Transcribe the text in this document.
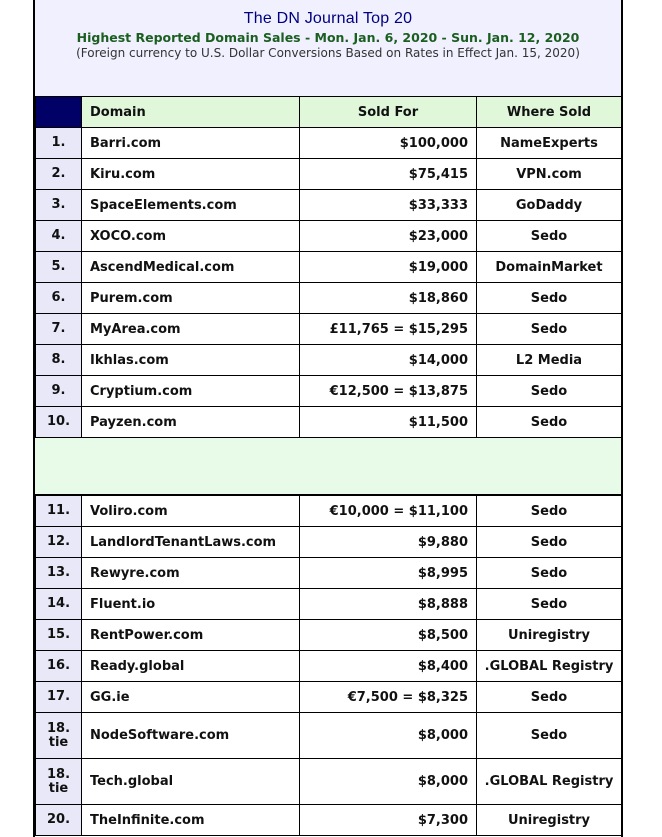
The DN Journal Top 20
Highest Reported Domain Sales - Mon. Jan. 6, 2020 - Sun. Jan. 12, 2020
(Foreign currency to U.S. Dollar Conversions Based on Rates in Effect Jan. 15, 2020)
	Domain	Sold For	Where Sold
1.	Barri.com	$100,000	NameExperts
2.	Kiru.com	$75,415	VPN.com
3.	SpaceElements.com	$33,333	GoDaddy
4.	XOCO.com	$23,000	Sedo
5.	AscendMedical.com	$19,000	DomainMarket
6.	Purem.com	$18,860	Sedo
7.	MyArea.com	£11,765 = $15,295	Sedo
8.	Ikhlas.com	$14,000	L2 Media
9.	Cryptium.com	€12,500 = $13,875	Sedo
10.	Payzen.com	$11,500	Sedo
11.	Voliro.com	€10,000 = $11,100	Sedo
12.	LandlordTenantLaws.com	$9,880	Sedo
13.	Rewyre.com	$8,995	Sedo
14.	Fluent.io	$8,888	Sedo
15.	RentPower.com	$8,500	Uniregistry
16.	Ready.global	$8,400	.GLOBAL Registry
17.	GG.ie	€7,500 = $8,325	Sedo
18.
tie	NodeSoftware.com	$8,000	Sedo
18.
tie	Tech.global	$8,000	.GLOBAL Registry
20.	TheInfinite.com	$7,300	Uniregistry
